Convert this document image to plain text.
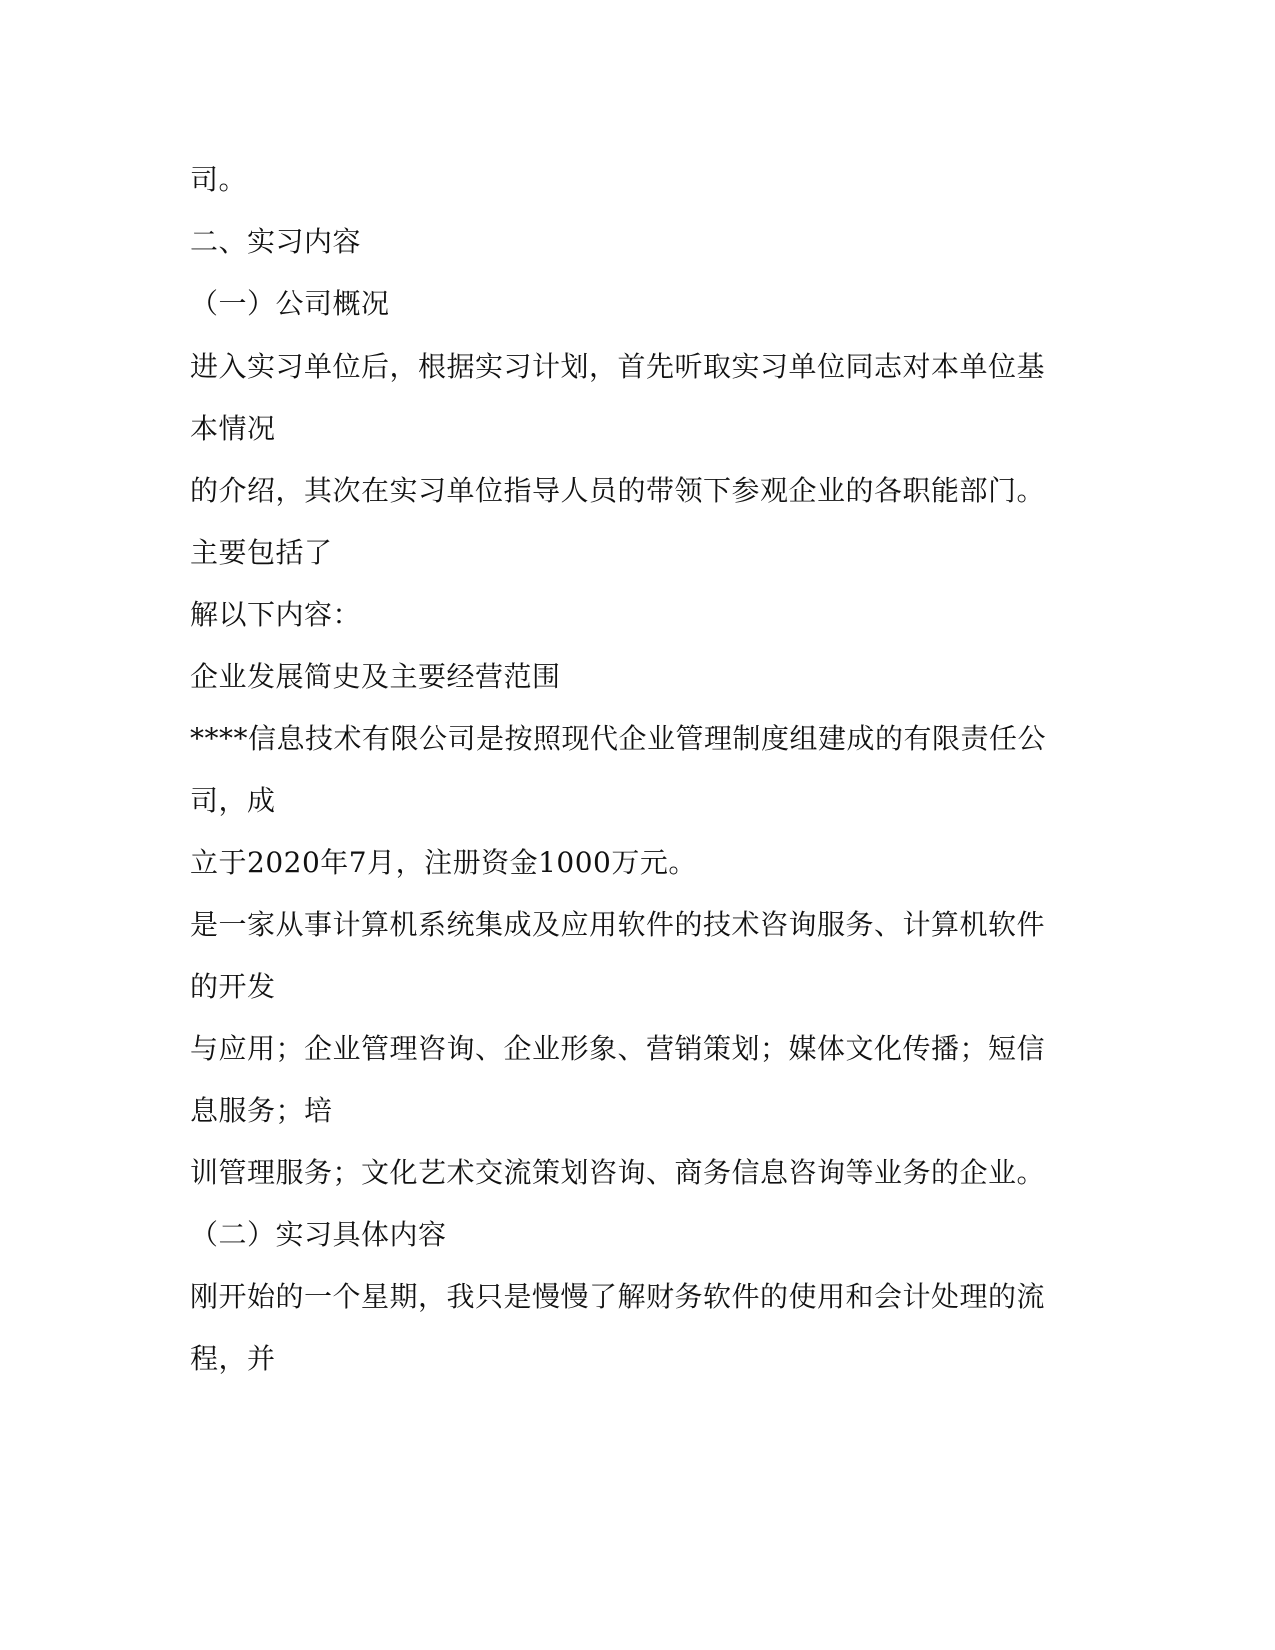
司。

二、实习内容

（一）公司概况

进入实习单位后，根据实习计划，首先听取实习单位同志对本单位基

本情况

的介绍，其次在实习单位指导人员的带领下参观企业的各职能部门。

主要包括了

解以下内容：

企业发展简史及主要经营范围

****信息技术有限公司是按照现代企业管理制度组建成的有限责任公

司，成

立于2020年7月，注册资金1000万元。

是一家从事计算机系统集成及应用软件的技术咨询服务、计算机软件

的开发

与应用；企业管理咨询、企业形象、营销策划；媒体文化传播；短信

息服务；培

训管理服务；文化艺术交流策划咨询、商务信息咨询等业务的企业。

（二）实习具体内容

刚开始的一个星期，我只是慢慢了解财务软件的使用和会计处理的流

程，并
